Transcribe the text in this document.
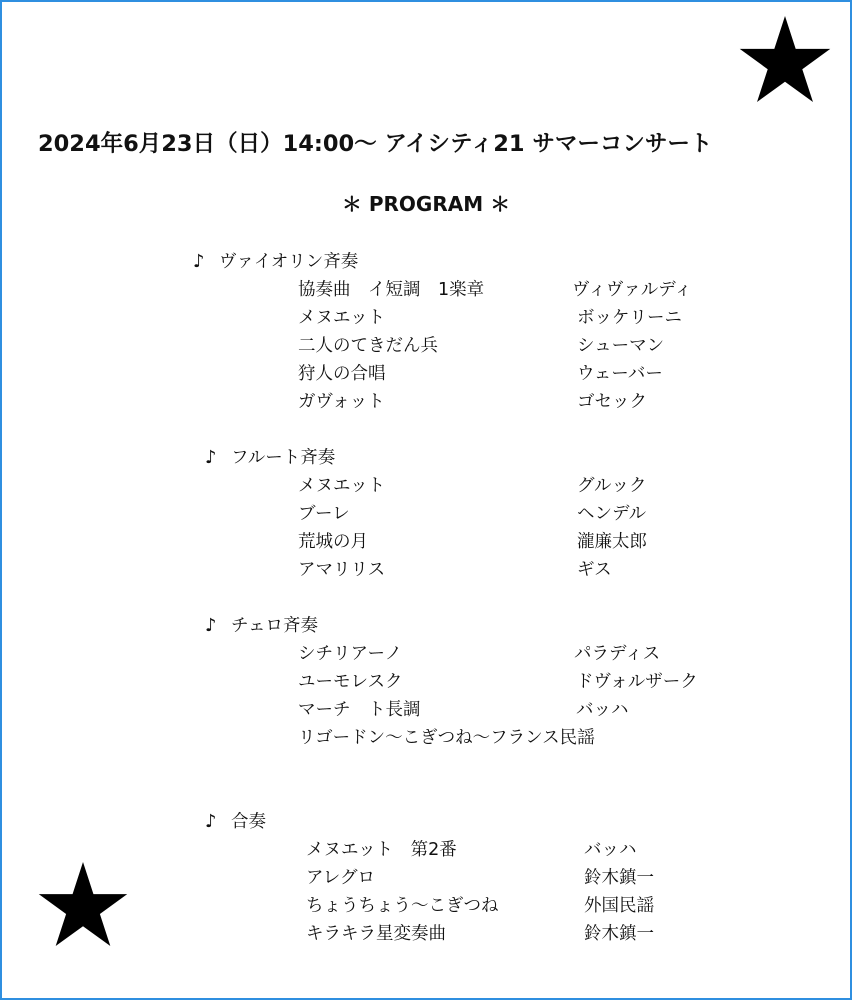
2024年6月23日（日）14:00〜 アイシティ21 サマーコンサート
＊ PROGRAM ＊
♪ ヴァイオリン斉奏
協奏曲　イ短調　1楽章	ヴィヴァルディ
メヌエット	ボッケリーニ
二人のてきだん兵	シューマン
狩人の合唱	ウェーバー
ガヴォット	ゴセック
♪ フルート斉奏
メヌエット	グルック
ブーレ	ヘンデル
荒城の月	瀧廉太郎
アマリリス	ギス
♪ チェロ斉奏
シチリアーノ	パラディス
ユーモレスク	ドヴォルザーク
マーチ　ト長調	バッハ
リゴードン〜こぎつね〜フランス民謡
♪ 合奏
メヌエット　第2番	バッハ
アレグロ	鈴木鎮一
ちょうちょう〜こぎつね	外国民謡
キラキラ星変奏曲	鈴木鎮一
